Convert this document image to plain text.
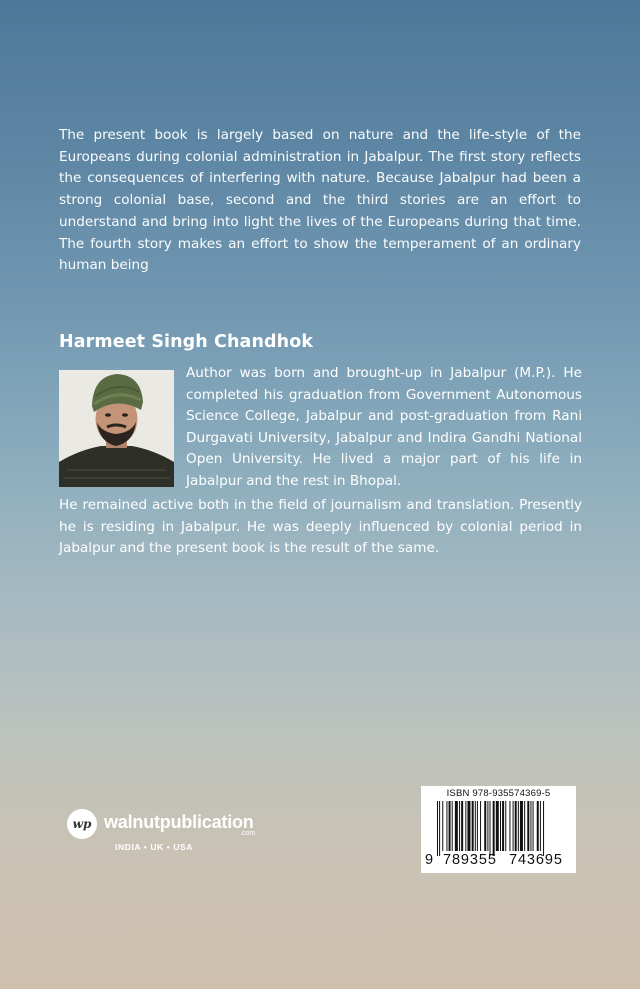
The present book is largely based on nature and the life-style of the Europeans during colonial administration in Jabalpur. The first story reflects the consequences of interfering with nature. Because Jabalpur had been a strong colonial base, second and the third stories are an effort to understand and bring into light the lives of the Europeans during that time. The fourth story makes an effort to show the temperament of an ordinary human being
Harmeet Singh Chandhok
Author was born and brought-up in Jabalpur (M.P.). He completed his graduation from Government Autonomous Science College, Jabalpur and post-graduation from Rani Durgavati University, Jabalpur and Indira Gandhi National Open University. He lived a major part of his life in Jabalpur and the rest in Bhopal.
He remained active both in the field of journalism and translation. Presently he is residing in Jabalpur. He was deeply influenced by colonial period in Jabalpur and the present book is the result of the same.
wp walnutpublication
.com
INDIA • UK • USA
ISBN 978-935574369-5
9 789355 743695
